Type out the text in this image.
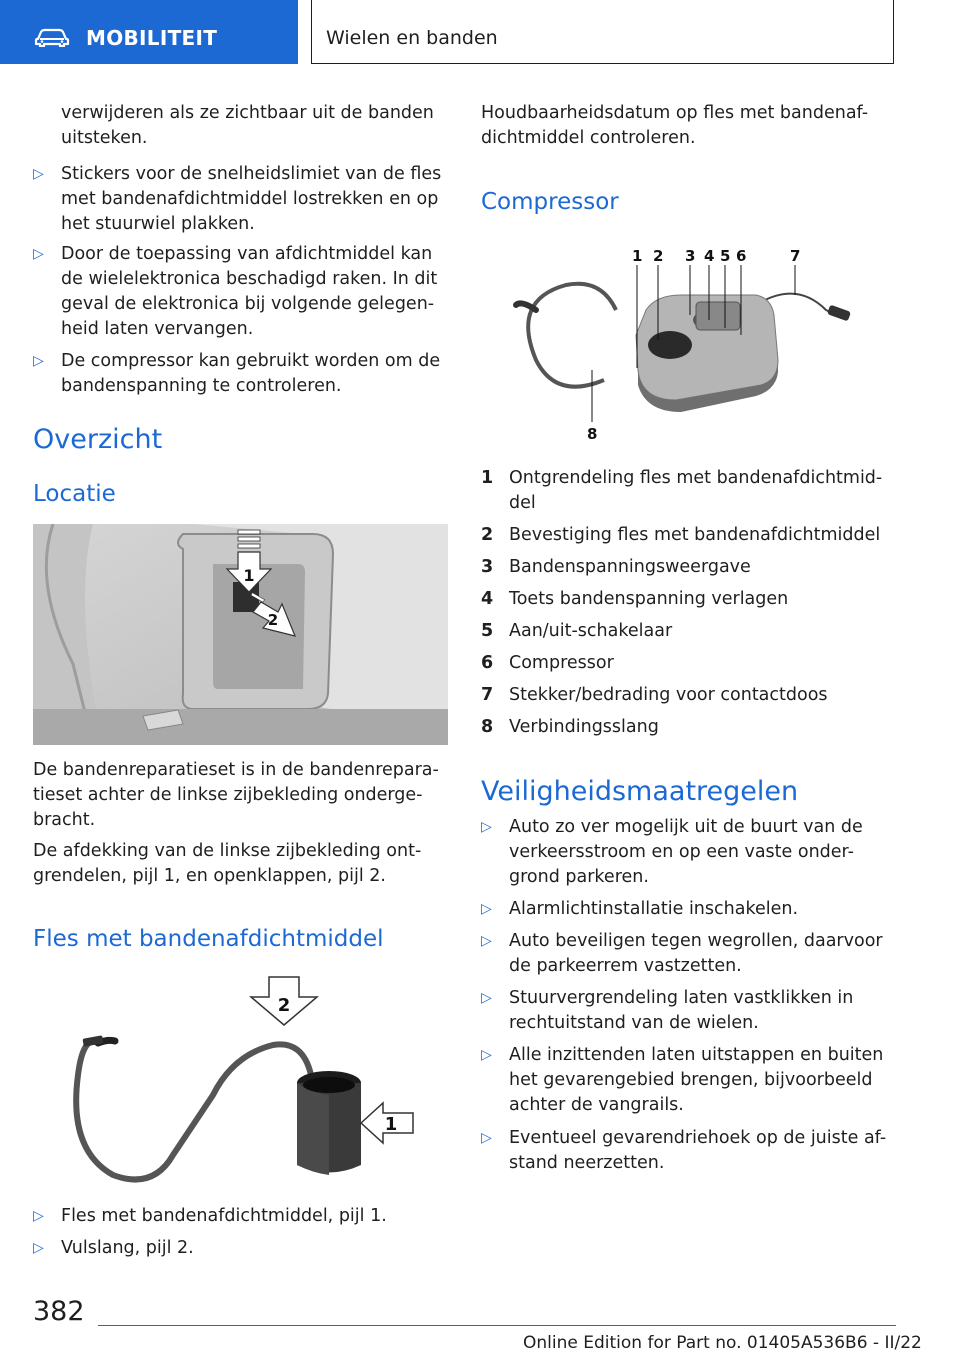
MOBILITEIT	Wielen en banden
verwijderen als ze zichtbaar uit de banden uitsteken.
▷ Stickers voor de snelheidslimiet van de fles met bandenafdichtmiddel lostrekken en op het stuurwiel plakken.
▷ Door de toepassing van afdichtmiddel kan de wielelektronica beschadigd raken. In dit geval de elektronica bij volgende gelegen-heid laten vervangen.
▷ De compressor kan gebruikt worden om de bandenspanning te controleren.
Overzicht
Locatie
1
2
De bandenreparatieset is in de bandenrepara-tieset achter de linkse zijbekleding onderge-bracht.
De afdekking van de linkse zijbekleding ont-grendelen, pijl 1, en openklappen, pijl 2.
Fles met bandenafdichtmiddel
2
1
▷ Fles met bandenafdichtmiddel, pijl 1.
▷ Vulslang, pijl 2.
Houdbaarheidsdatum op fles met bandenaf-dichtmiddel controleren.
Compressor
1 2 3 4 5 6	7
8
1 Ontgrendeling fles met bandenafdichtmid-del
2 Bevestiging fles met bandenafdichtmiddel
3 Bandenspanningsweergave
4 Toets bandenspanning verlagen
5 Aan/uit-schakelaar
6 Compressor
7 Stekker/bedrading voor contactdoos
8 Verbindingsslang
Veiligheidsmaatregelen
▷ Auto zo ver mogelijk uit de buurt van de verkeersstroom en op een vaste onder-grond parkeren.
▷ Alarmlichtinstallatie inschakelen.
▷ Auto beveiligen tegen wegrollen, daarvoor de parkeerrem vastzetten.
▷ Stuurvergrendeling laten vastklikken in rechtuitstand van de wielen.
▷ Alle inzittenden laten uitstappen en buiten het gevarengebied brengen, bijvoorbeeld achter de vangrails.
▷ Eventueel gevarendriehoek op de juiste af-stand neerzetten.
382
Online Edition for Part no. 01405A536B6 - II/22
